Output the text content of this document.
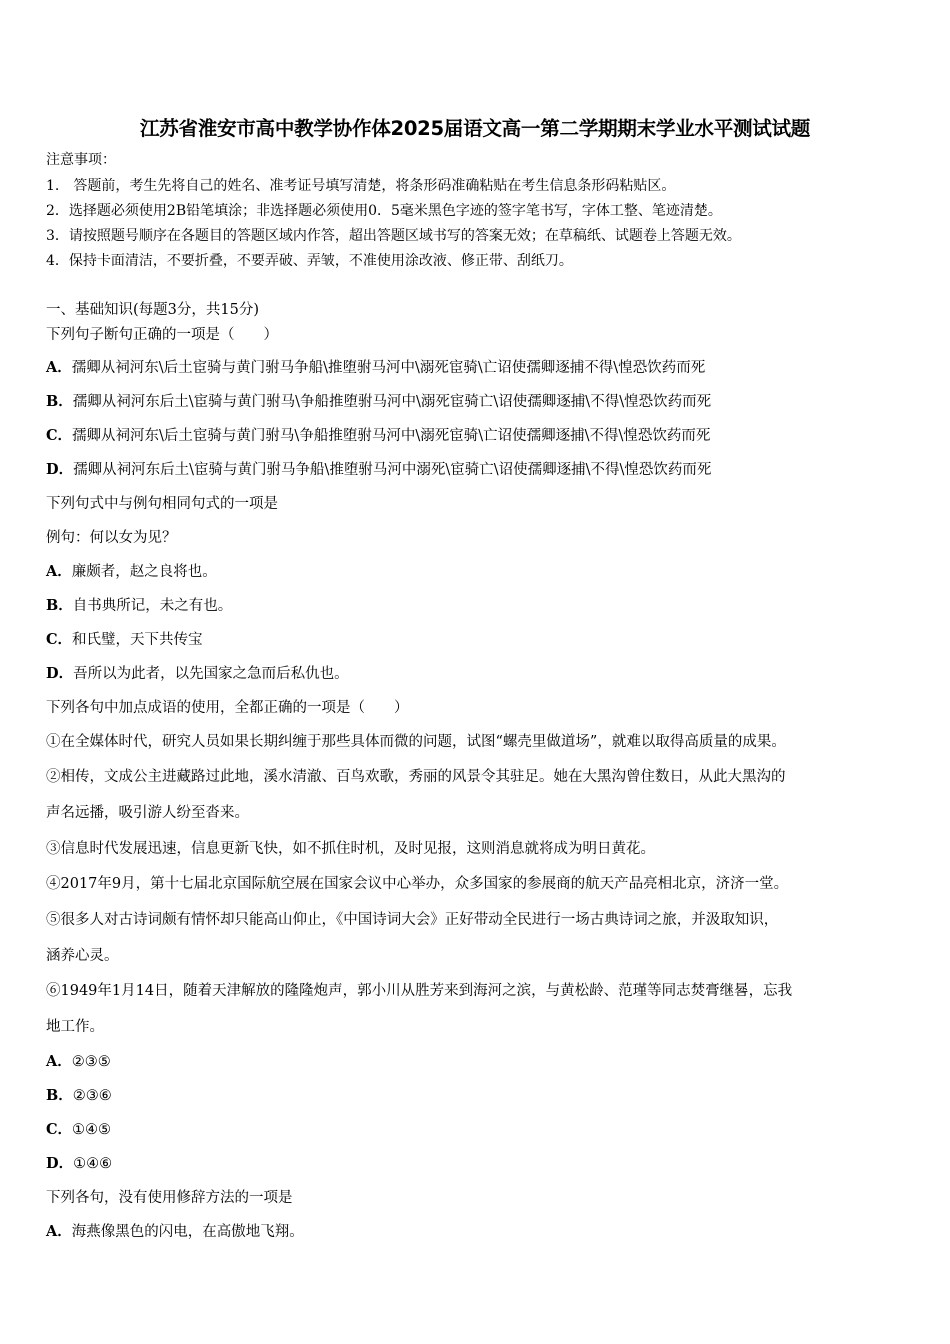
江苏省淮安市高中教学协作体2025届语文高一第二学期期末学业水平测试试题
注意事项：
1.　答题前，考生先将自己的姓名、准考证号填写清楚，将条形码准确粘贴在考生信息条形码粘贴区。
2．选择题必须使用2B铅笔填涂；非选择题必须使用0．5毫米黑色字迹的签字笔书写，字体工整、笔迹清楚。
3．请按照题号顺序在各题目的答题区域内作答，超出答题区域书写的答案无效；在草稿纸、试题卷上答题无效。
4．保持卡面清洁，不要折叠，不要弄破、弄皱，不准使用涂改液、修正带、刮纸刀。
一、基础知识(每题3分，共15分)
下列句子断句正确的一项是（　　）
A．孺卿从祠河东\后土宦骑与黄门驸马争船\推堕驸马河中\溺死宦骑\亡诏使孺卿逐捕不得\惶恐饮药而死
B．孺卿从祠河东后土\宦骑与黄门驸马\争船推堕驸马河中\溺死宦骑亡\诏使孺卿逐捕\不得\惶恐饮药而死
C．孺卿从祠河东\后土宦骑与黄门驸马\争船推堕驸马河中\溺死宦骑\亡诏使孺卿逐捕\不得\惶恐饮药而死
D．孺卿从祠河东后土\宦骑与黄门驸马争船\推堕驸马河中溺死\宦骑亡\诏使孺卿逐捕\不得\惶恐饮药而死
下列句式中与例句相同句式的一项是
例句：何以女为见？
A．廉颇者，赵之良将也。
B．自书典所记，未之有也。
C．和氏璧，天下共传宝
D．吾所以为此者，以先国家之急而后私仇也。
下列各句中加点成语的使用，全都正确的一项是（　　）
①在全媒体时代，研究人员如果长期纠缠于那些具体而微的问题，试图“螺壳里做道场”，就难以取得高质量的成果。
②相传，文成公主进藏路过此地，溪水清澈、百鸟欢歌，秀丽的风景令其驻足。她在大黑沟曾住数日，从此大黑沟的
声名远播，吸引游人纷至沓来。
③信息时代发展迅速，信息更新飞快，如不抓住时机，及时见报，这则消息就将成为明日黄花。
④2017年9月，第十七届北京国际航空展在国家会议中心举办，众多国家的参展商的航天产品亮相北京，济济一堂。
⑤很多人对古诗词颇有情怀却只能高山仰止，《中国诗词大会》正好带动全民进行一场古典诗词之旅，并汲取知识，
涵养心灵。
⑥1949年1月14日，随着天津解放的隆隆炮声，郭小川从胜芳来到海河之滨，与黄松龄、范瑾等同志焚膏继晷，忘我
地工作。
A．②③⑤
B．②③⑥
C．①④⑤
D．①④⑥
下列各句，没有使用修辞方法的一项是
A．海燕像黑色的闪电，在高傲地飞翔。
